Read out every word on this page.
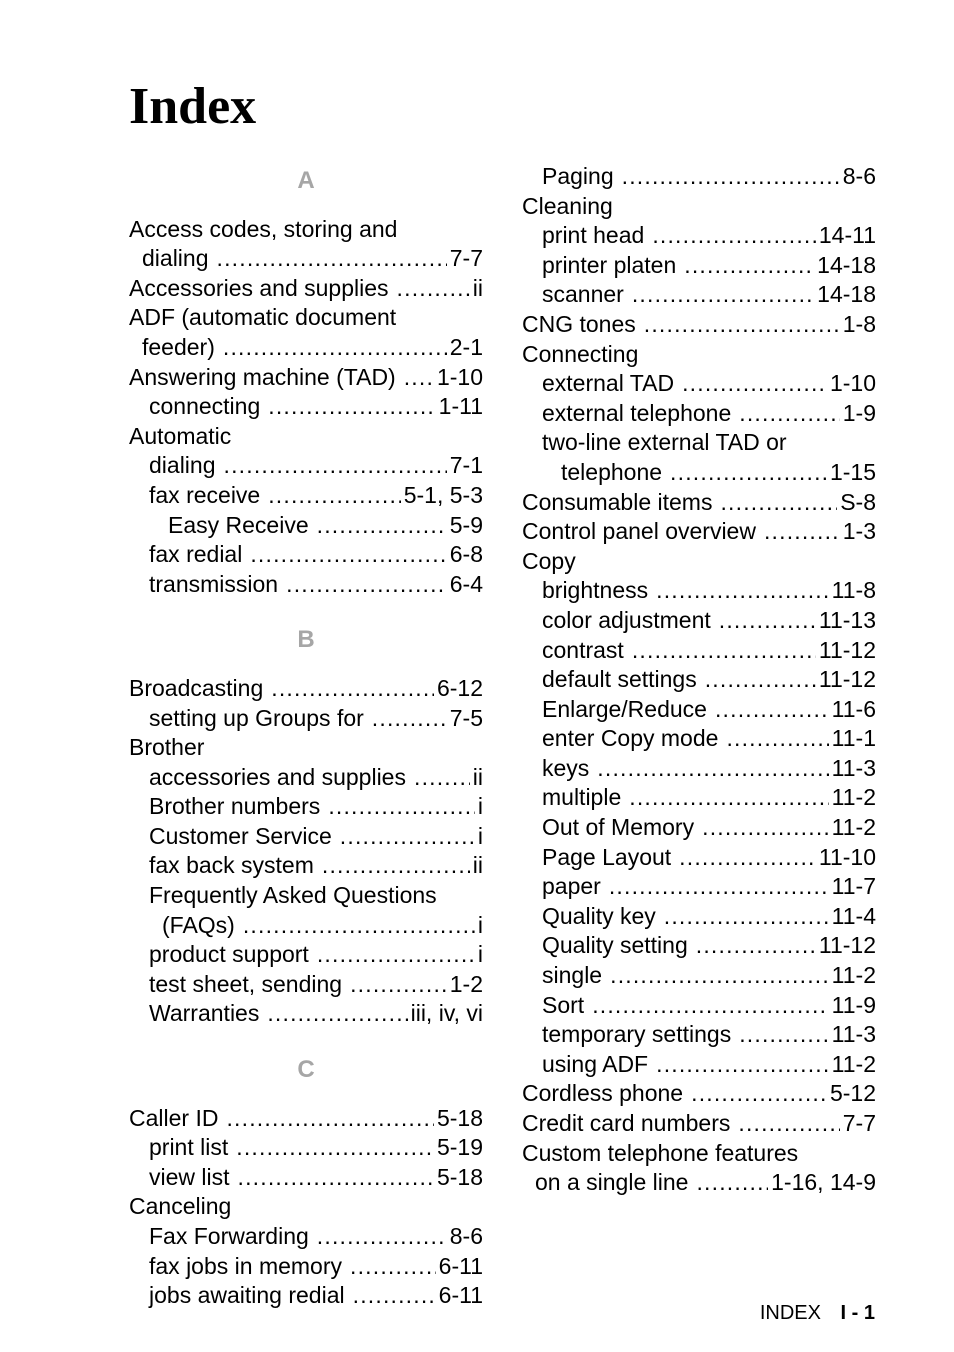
Index
A
Access codes, storing and
dialing . . .	7-7
Accessories and supplies . . .	ii
ADF (automatic document
feeder) . . .	2-1
Answering machine (TAD) . . . 1-10
connecting . . .	1-11
Automatic
dialing . . .	7-1
fax receive . . .	5-1, 5-3
Easy Receive . . .	5-9
fax redial . . .	6-8
transmission . . .	6-4
B
Broadcasting . . .	6-12
setting up Groups for . . .	7-5
Brother
accessories and supplies . . .	ii
Brother numbers . . .	i
Customer Service . . .	i
fax back system . . .	ii
Frequently Asked Questions
(FAQs) . . .	i
product support . . .	i
test sheet, sending . . .	1-2
Warranties . . .	iii, iv, vi
C
Caller ID . . .	5-18
print list . . .	5-19
view list . . .	5-18
Canceling
Fax Forwarding . . .	8-6
fax jobs in memory . . .	6-11
jobs awaiting redial . . .	6-11
Paging . . .	8-6
Cleaning
print head . . .	14-11
printer platen . . .	14-18
scanner . . .	14-18
CNG tones . . .	1-8
Connecting
external TAD . . .	1-10
external telephone . . .	1-9
two-line external TAD or
telephone . . .	1-15
Consumable items . . .	S-8
Control panel overview . . .	1-3
Copy
brightness . . .	11-8
color adjustment . . .	11-13
contrast . . .	11-12
default settings . . .	11-12
Enlarge/Reduce . . .	11-6
enter Copy mode . . .	11-1
keys . . .	11-3
multiple . . .	11-2
Out of Memory . . .	11-2
Page Layout . . .	11-10
paper . . .	11-7
Quality key . . .	11-4
Quality setting . . .	11-12
single . . .	11-2
Sort . . .	11-9
temporary settings . . .	11-3
using ADF . . .	11-2
Cordless phone . . .	5-12
Credit card numbers . . .	7-7
Custom telephone features
on a single line . . .	1-16, 14-9
INDEX I - 1
